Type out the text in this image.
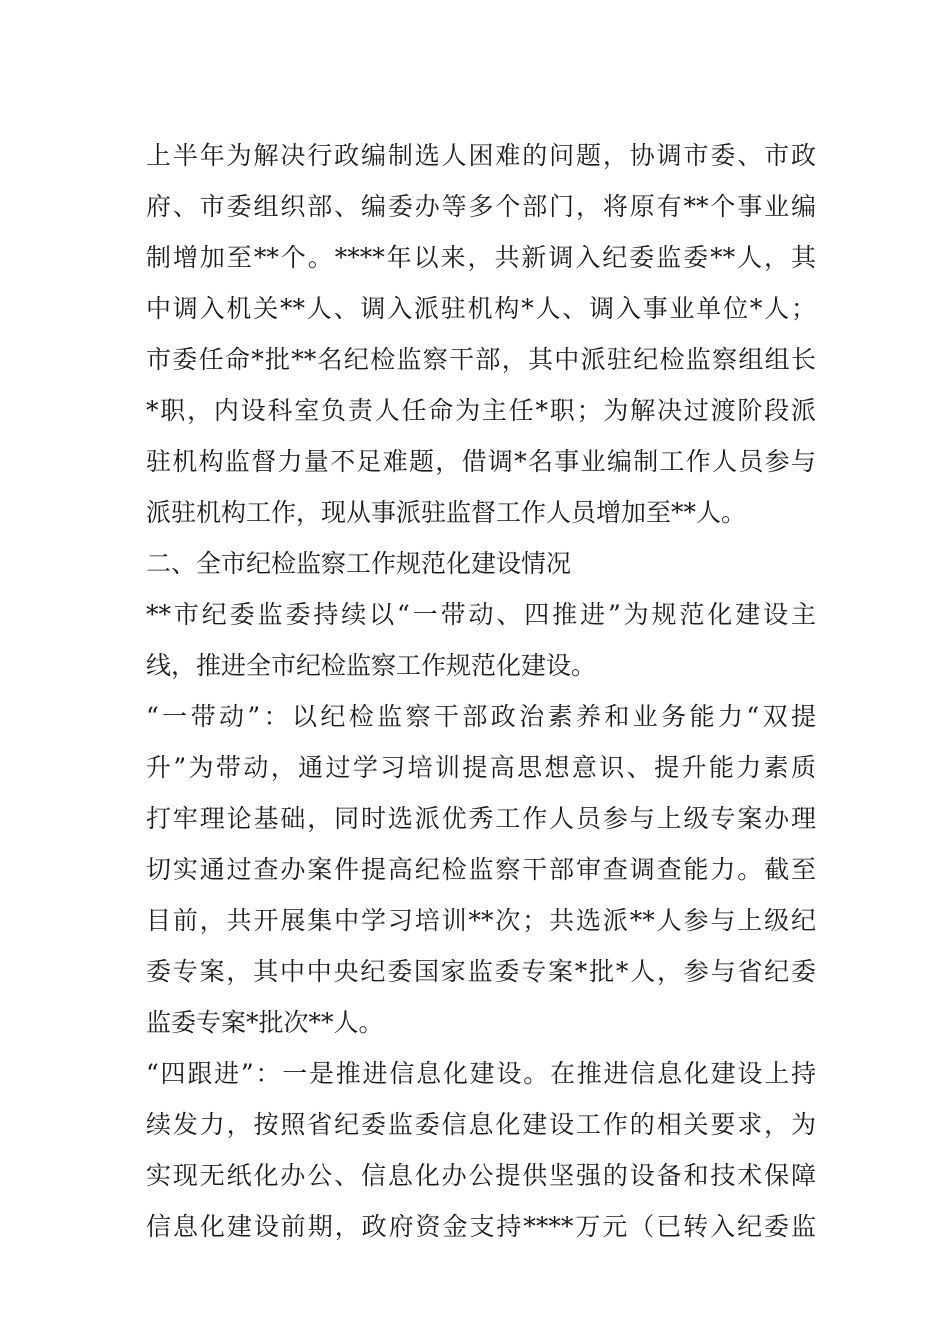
上半年为解决行政编制选人困难的问题，协调市委、市政
府、市委组织部、编委办等多个部门，将原有**个事业编
制增加至**个。****年以来，共新调入纪委监委**人，其
中调入机关**人、调入派驻机构*人、调入事业单位*人；
市委任命*批**名纪检监察干部，其中派驻纪检监察组组长
*职，内设科室负责人任命为主任*职；为解决过渡阶段派
驻机构监督力量不足难题，借调*名事业编制工作人员参与
派驻机构工作，现从事派驻监督工作人员增加至**人。
二、全市纪检监察工作规范化建设情况
**市纪委监委持续以“一带动、四推进”为规范化建设主
线，推进全市纪检监察工作规范化建设。
“一带动”：以纪检监察干部政治素养和业务能力“双提
升”为带动，通过学习培训提高思想意识、提升能力素质
打牢理论基础，同时选派优秀工作人员参与上级专案办理
切实通过查办案件提高纪检监察干部审查调查能力。截至
目前，共开展集中学习培训**次；共选派**人参与上级纪
委专案，其中中央纪委国家监委专案*批*人，参与省纪委
监委专案*批次**人。
“四跟进”：一是推进信息化建设。在推进信息化建设上持
续发力，按照省纪委监委信息化建设工作的相关要求，为
实现无纸化办公、信息化办公提供坚强的设备和技术保障
信息化建设前期，政府资金支持****万元（已转入纪委监
